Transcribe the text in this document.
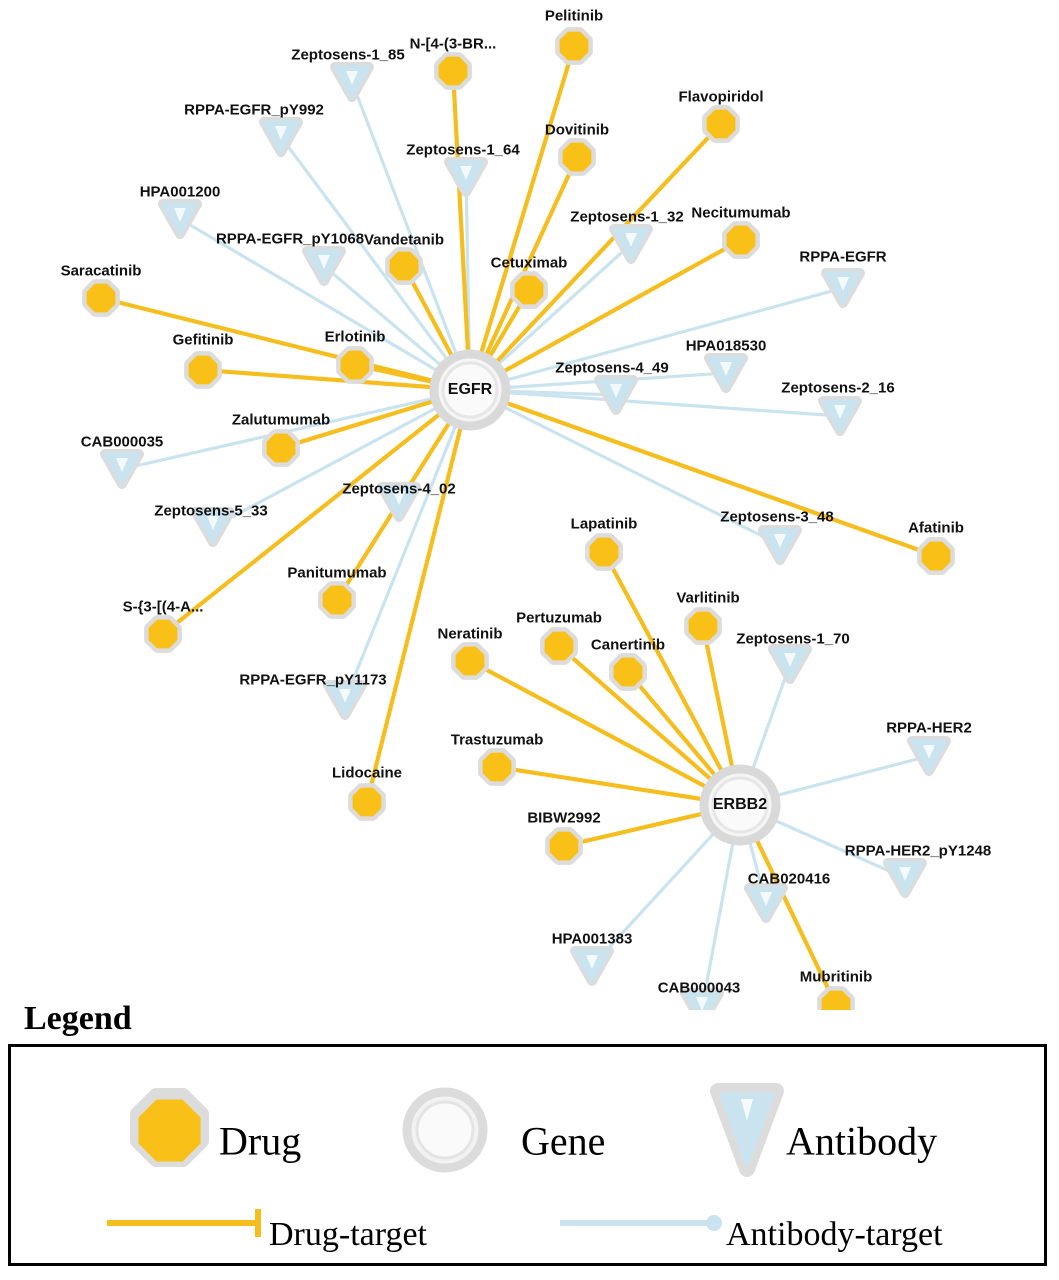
Zeptosens-1_85
RPPA-EGFR_pY992
Zeptosens-1_64
HPA001200
Zeptosens-1_32
RPPA-EGFR_pY1068
RPPA-EGFR
HPA018530
Zeptosens-4_49
Zeptosens-2_16
CAB000035
Zeptosens-4_02
Zeptosens-5_33	Zeptosens-3_48
Zeptosens-1_70
RPPA-EGFR_pY1173
RPPA-HER2
RPPA-HER2_pY1248
CAB020416
HPA001383
CAB000043
Pelitinib
N-[4-(3-BR...
Flavopiridol
Dovitinib
Necitumumab
Vandetanib
Cetuximab
Saracatinib
Gefitinib	Erlotinib
Zalutumumab
Panitumumab
S-{3-[(4-A...
Lidocaine
Afatinib
Lapatinib
Varlitinib
Pertuzumab
Neratinib
Canertinib
Trastuzumab
BIBW2992
Mubritinib
EGFR
ERBB2
Legend
Drug	Gene	Antibody
Drug-target	Antibody-target
